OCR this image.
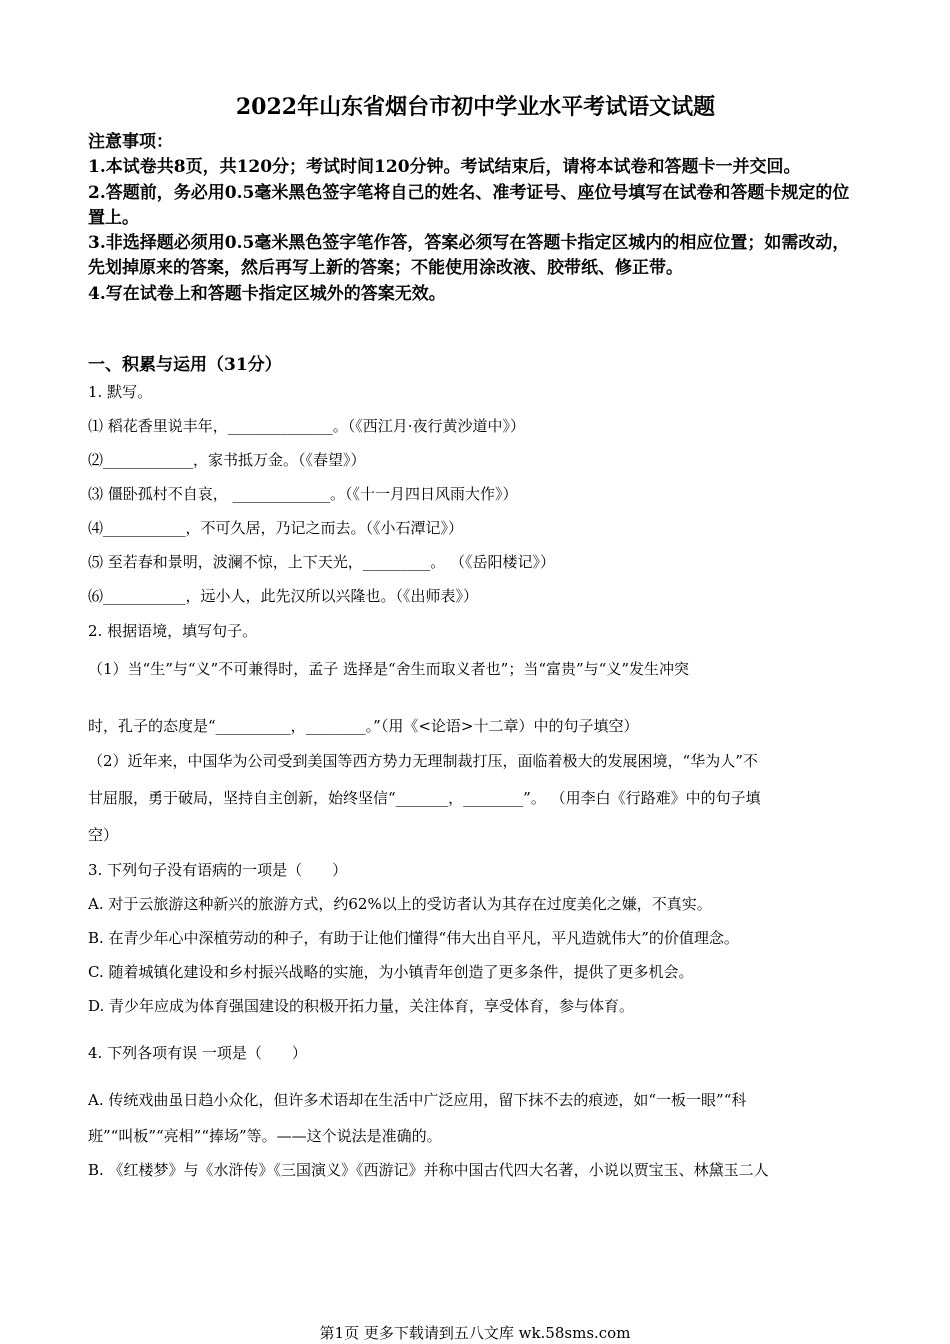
2022年山东省烟台市初中学业水平考试语文试题
注意事项：
1.本试卷共8页，共120分；考试时间120分钟。考试结束后，请将本试卷和答题卡一并交回。
2.答题前，务必用0.5毫米黑色签字笔将自己的姓名、准考证号、座位号填写在试卷和答题卡规定的位置上。
3.非选择题必须用0.5毫米黑色签字笔作答，答案必须写在答题卡指定区城内的相应位置；如需改动，先划掉原来的答案，然后再写上新的答案；不能使用涂改液、胶带纸、修正带。
4.写在试卷上和答题卡指定区城外的答案无效。
一、积累与运用（31分）
1. 默写。
⑴ 稻花香里说丰年，______________。（《西江月·夜行黄沙道中》）
⑵____________，家书抵万金。（《春望》）
⑶ 僵卧孤村不自哀， _____________。（《十一月四日风雨大作》）
⑷___________，不可久居，乃记之而去。（《小石潭记》）
⑸ 至若春和景明，波澜不惊，上下天光，_________。 （《岳阳楼记》）
⑹___________，远小人，此先汉所以兴隆也。（《出师表》）
2. 根据语境，填写句子。
（1）当“生”与“义”不可兼得时，孟子 选择是“舍生而取义者也”；当“富贵”与“义”发生冲突
时，孔子的态度是“__________，________。”（用《<论语>十二章）中的句子填空）
（2）近年来，中国华为公司受到美国等西方势力无理制裁打压，面临着极大的发展困境，“华为人”不
甘屈服，勇于破局，坚持自主创新，始终坚信“_______，________”。 （用李白《行路难》中的句子填
空）
3. 下列句子没有语病的一项是（　　）
A. 对于云旅游这种新兴的旅游方式，约62%以上的受访者认为其存在过度美化之嫌，不真实。
B. 在青少年心中深植劳动的种子，有助于让他们懂得“伟大出自平凡，平凡造就伟大”的价值理念。
C. 随着城镇化建设和乡村振兴战略的实施，为小镇青年创造了更多条件，提供了更多机会。
D. 青少年应成为体育强国建设的积极开拓力量，关注体育，享受体育，参与体育。
4. 下列各项有误 一项是（　　）
A. 传统戏曲虽日趋小众化，但许多术语却在生活中广泛应用，留下抹不去的痕迹，如“一板一眼”“科
班”“叫板”“亮相”“捧场”等。——这个说法是准确的。
B. 《红楼梦》与《水浒传》《三国演义》《西游记》并称中国古代四大名著，小说以贾宝玉、林黛玉二人
第1页 更多下载请到五八文库 wk.58sms.com
